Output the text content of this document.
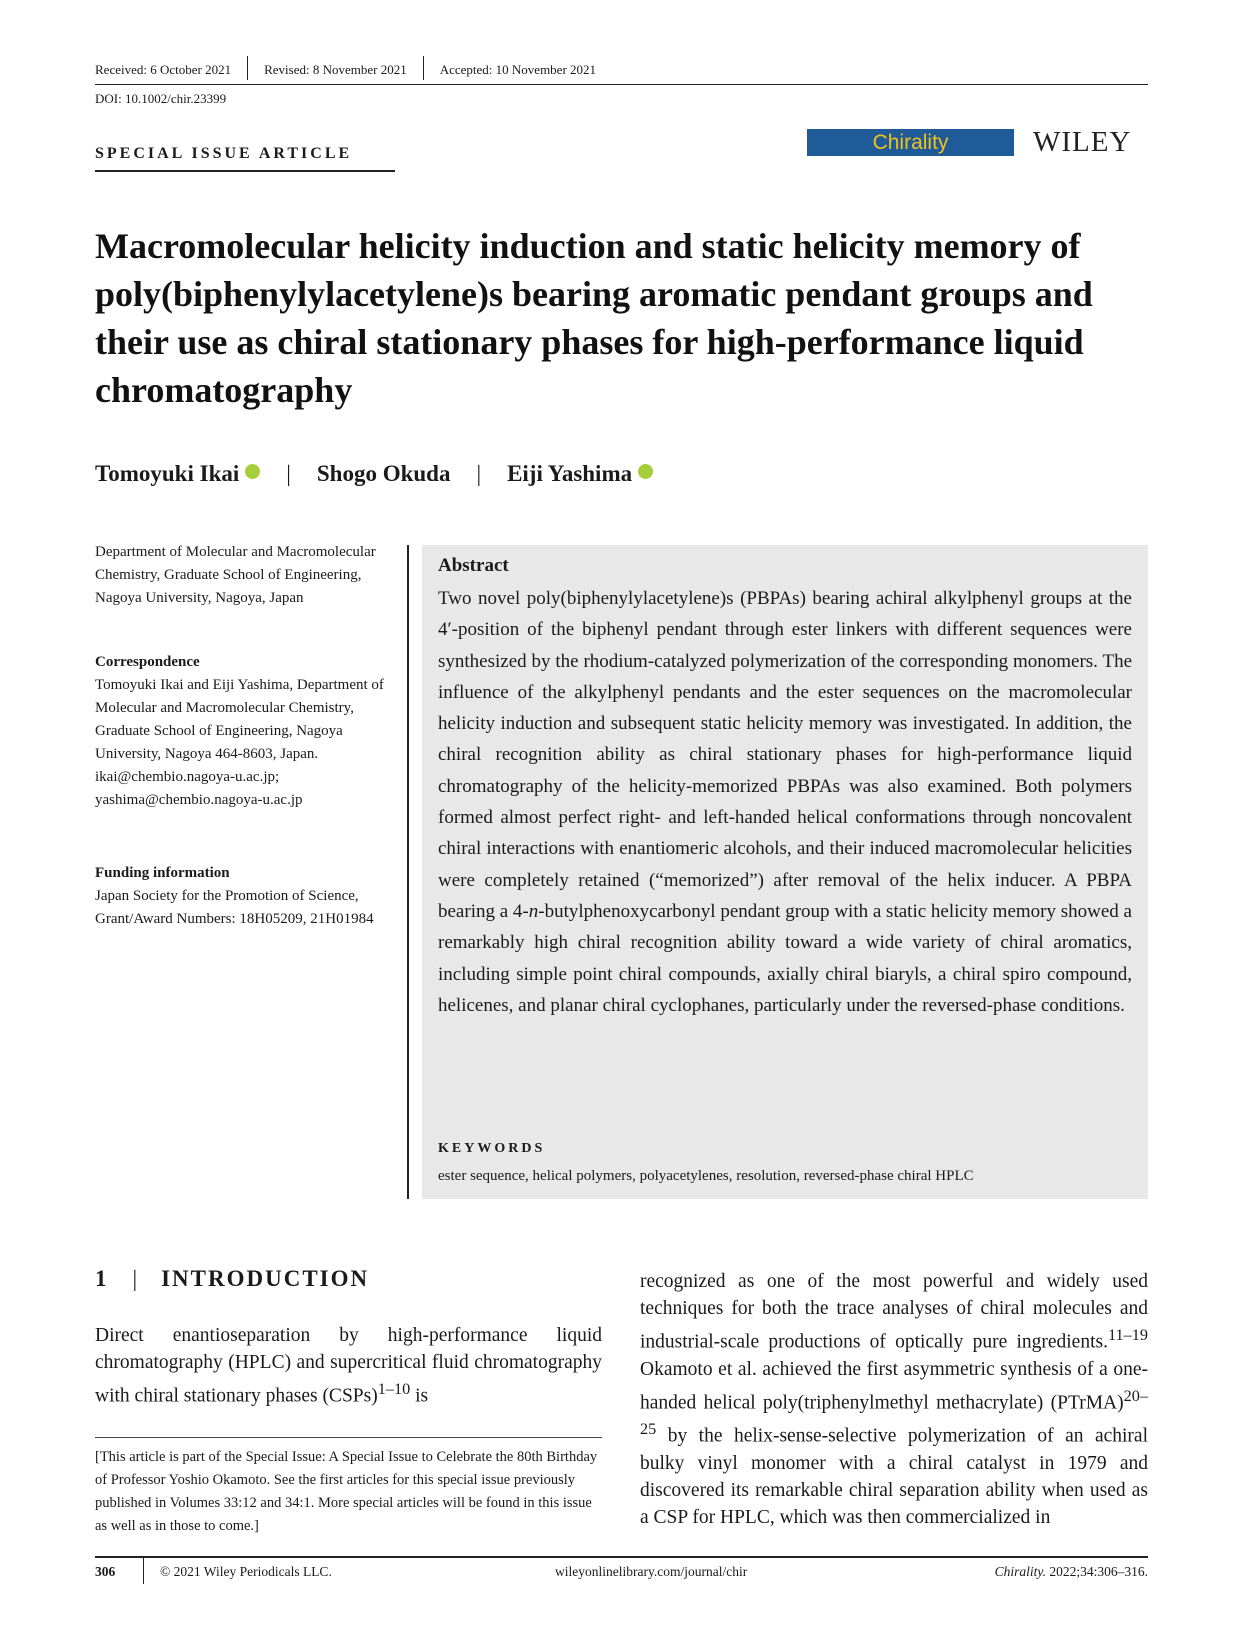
Received: 6 October 2021	Revised: 8 November 2021	Accepted: 10 November 2021
DOI: 10.1002/chir.23399
SPECIAL ISSUE ARTICLE	Chirality	WILEY
Macromolecular helicity induction and static helicity memory of poly(biphenylylacetylene)s bearing aromatic pendant groups and their use as chiral stationary phases for high-performance liquid chromatography
Tomoyuki Ikai | Shogo Okuda | Eiji Yashima

Department of Molecular and Macromolecular Chemistry, Graduate School of Engineering, Nagoya University, Nagoya, Japan

Correspondence

Tomoyuki Ikai and Eiji Yashima, Department of Molecular and Macromolecular Chemistry, Graduate School of Engineering, Nagoya University, Nagoya 464-8603, Japan.

ikai@chembio.nagoya-u.ac.jp;

yashima@chembio.nagoya-u.ac.jp

Funding information

Japan Society for the Promotion of Science, Grant/Award Numbers: 18H05209, 21H01984

Abstract

Two novel poly(biphenylylacetylene)s (PBPAs) bearing achiral alkylphenyl groups at the 4′-position of the biphenyl pendant through ester linkers with different sequences were synthesized by the rhodium-catalyzed polymerization of the corresponding monomers. The influence of the alkylphenyl pendants and the ester sequences on the macromolecular helicity induction and subsequent static helicity memory was investigated. In addition, the chiral recognition ability as chiral stationary phases for high-performance liquid chromatography of the helicity-memorized PBPAs was also examined. Both polymers formed almost perfect right- and left-handed helical conformations through noncovalent chiral interactions with enantiomeric alcohols, and their induced macromolecular helicities were completely retained (“memorized”) after removal of the helix inducer. A PBPA bearing a 4-n-butylphenoxycarbonyl pendant group with a static helicity memory showed a remarkably high chiral recognition ability toward a wide variety of chiral aromatics, including simple point chiral compounds, axially chiral biaryls, a chiral spiro compound, helicenes, and planar chiral cyclophanes, particularly under the reversed-phase conditions.

KEYWORDS
ester sequence, helical polymers, polyacetylenes, resolution, reversed-phase chiral HPLC
1 | INTRODUCTION

Direct enantioseparation by high-performance liquid chromatography (HPLC) and supercritical fluid chromatography with chiral stationary phases (CSPs)$^{1-10}$ is

recognized as one of the most powerful and widely used techniques for both the trace analyses of chiral molecules and industrial-scale productions of optically pure ingredients.$^{11-19}$ Okamoto et al. achieved the first asymmetric synthesis of a one-handed helical poly(triphenylmethyl methacrylate) (PTrMA)$^{20-25}$ by the helix-sense-selective polymerization of an achiral bulky vinyl monomer with a chiral catalyst in 1979 and discovered its remarkable chiral separation ability when used as a CSP for HPLC, which was then commercialized in

[This article is part of the Special Issue: A Special Issue to Celebrate the 80th Birthday of Professor Yoshio Okamoto. See the first articles for this special issue previously published in Volumes 33:12 and 34:1. More special articles will be found in this issue as well as in those to come.]

306	© 2021 Wiley Periodicals LLC.	wileyonlinelibrary.com/journal/chir	Chirality. 2022;34:306–316.
